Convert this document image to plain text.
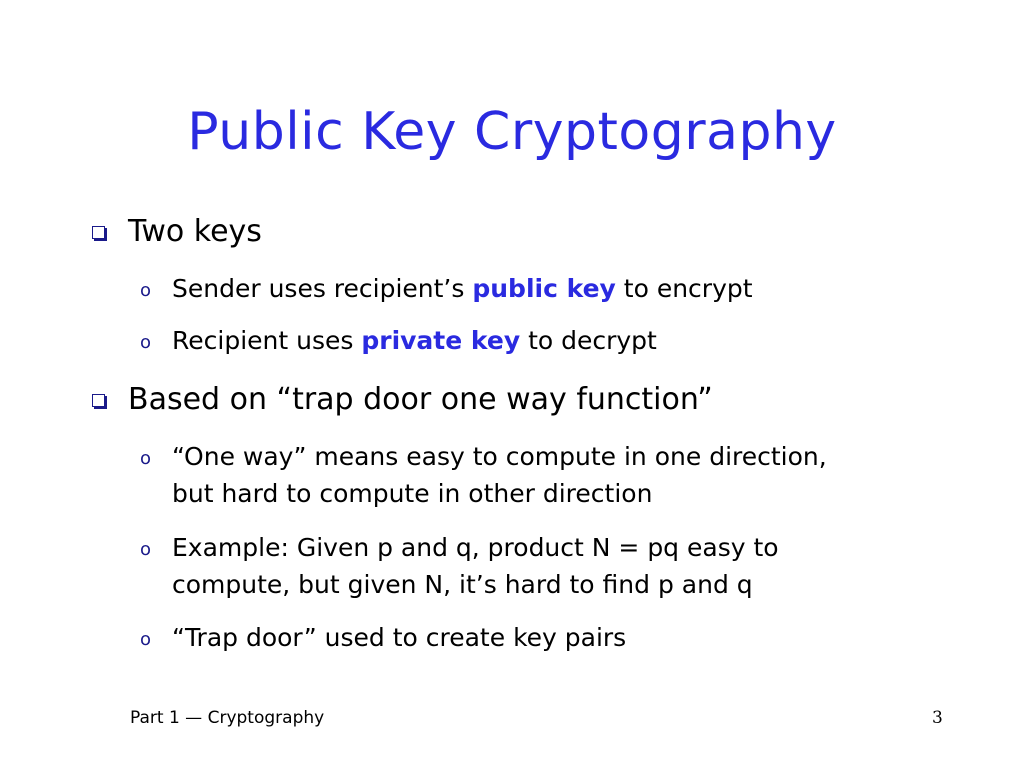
Public Key Cryptography
Two keys
o Sender uses recipient’s public key to encrypt
o Recipient uses private key to decrypt
Based on “trap door one way function”
o “One way” means easy to compute in one direction,
but hard to compute in other direction
o Example: Given p and q, product N = pq easy to
compute, but given N, it’s hard to find p and q
o “Trap door” used to create key pairs
Part 1 — Cryptography	3
